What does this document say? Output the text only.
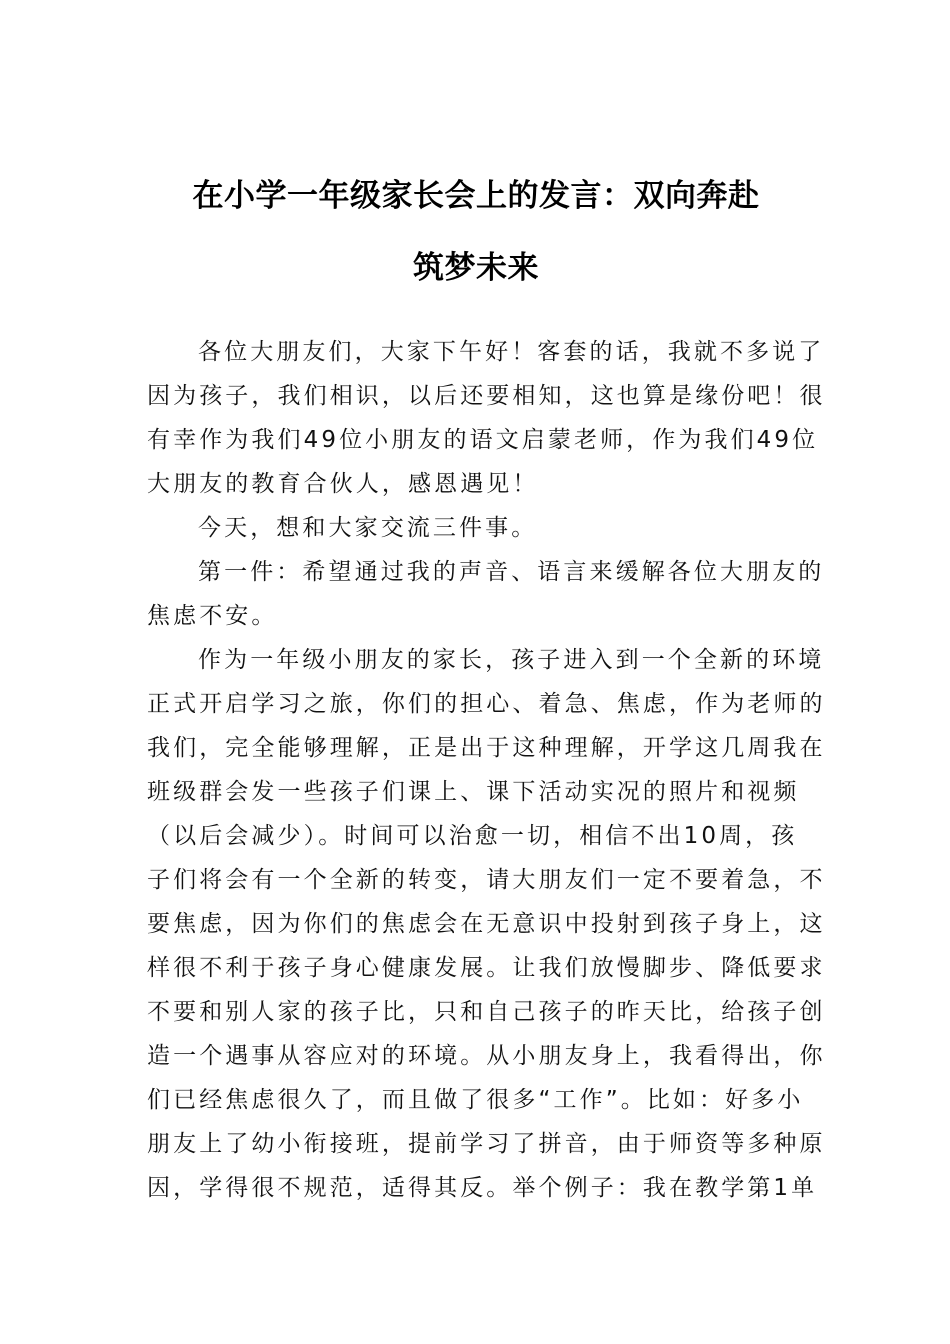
在小学一年级家长会上的发言：双向奔赴
筑梦未来
各位大朋友们，大家下午好！客套的话，我就不多说了
因为孩子，我们相识，以后还要相知，这也算是缘份吧！很
有幸作为我们49位小朋友的语文启蒙老师，作为我们49位
大朋友的教育合伙人，感恩遇见！
今天，想和大家交流三件事。
第一件：希望通过我的声音、语言来缓解各位大朋友的
焦虑不安。
作为一年级小朋友的家长，孩子进入到一个全新的环境
正式开启学习之旅，你们的担心、着急、焦虑，作为老师的
我们，完全能够理解，正是出于这种理解，开学这几周我在
班级群会发一些孩子们课上、课下活动实况的照片和视频
（以后会减少）。时间可以治愈一切，相信不出10周，孩
子们将会有一个全新的转变，请大朋友们一定不要着急，不
要焦虑，因为你们的焦虑会在无意识中投射到孩子身上，这
样很不利于孩子身心健康发展。让我们放慢脚步、降低要求
不要和别人家的孩子比，只和自己孩子的昨天比，给孩子创
造一个遇事从容应对的环境。从小朋友身上，我看得出，你
们已经焦虑很久了，而且做了很多“工作”。比如：好多小
朋友上了幼小衔接班，提前学习了拼音，由于师资等多种原
因，学得很不规范，适得其反。举个例子：我在教学第1单
